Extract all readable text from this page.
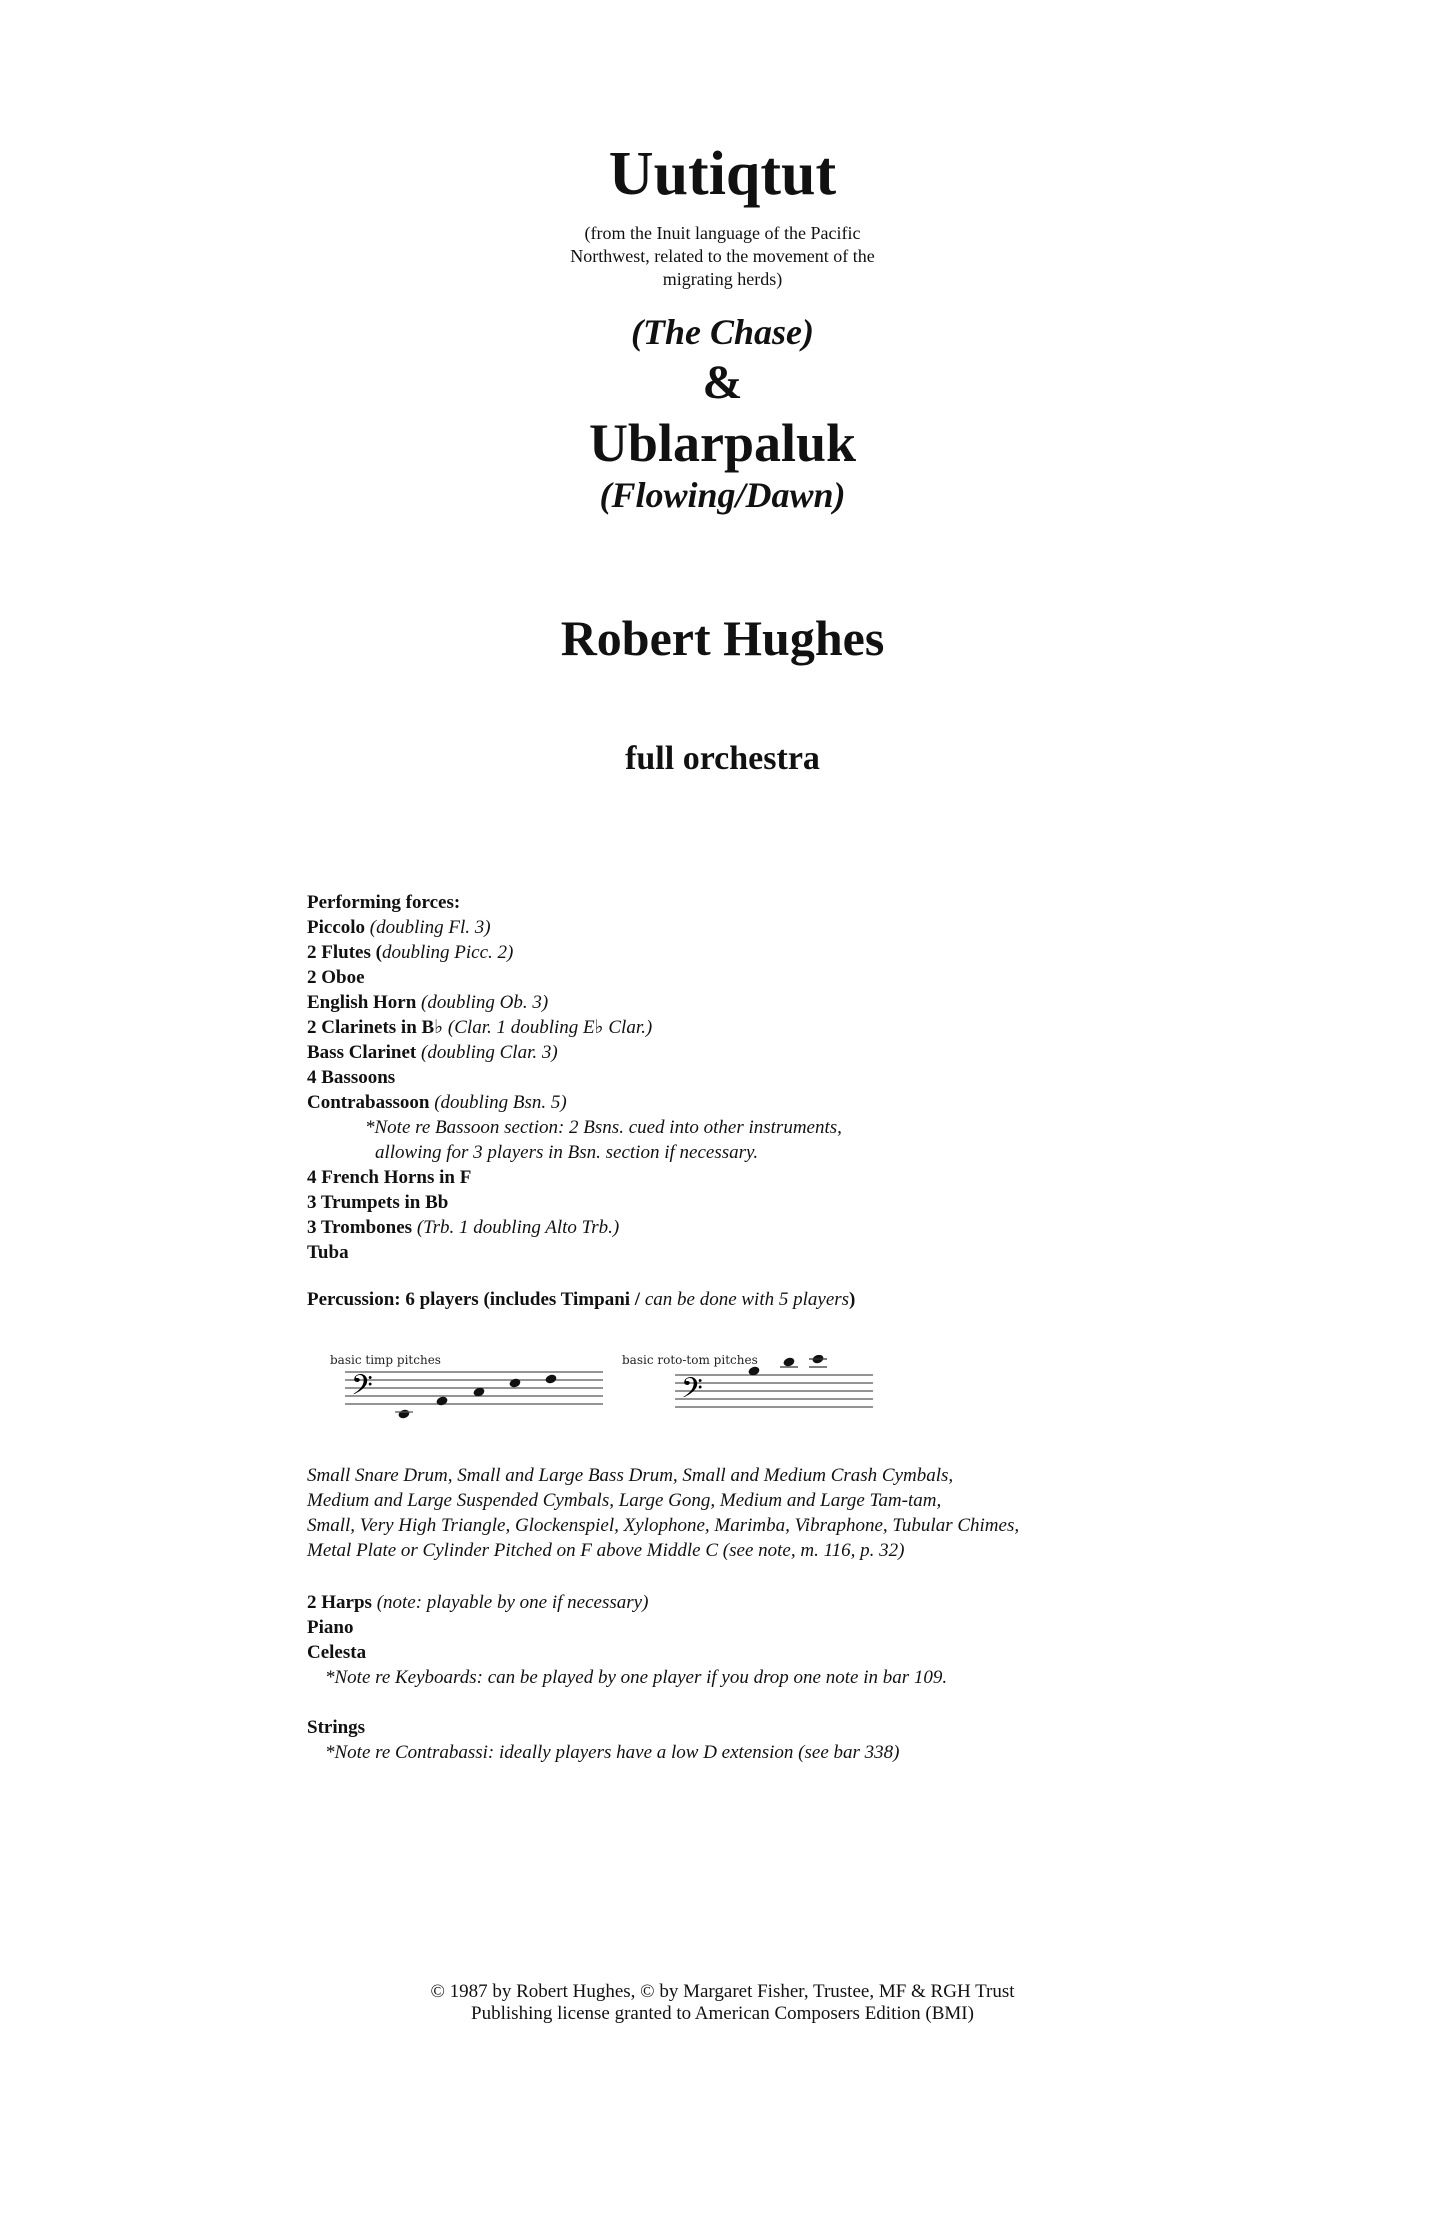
Uutiqtut
(from the Inuit language of the Pacific
Northwest, related to the movement of the
migrating herds)
(The Chase)
&
Ublarpaluk
(Flowing/Dawn)
Robert Hughes
full orchestra
Performing forces:
Piccolo (doubling Fl. 3)
2 Flutes (doubling Picc. 2)
2 Oboe
English Horn (doubling Ob. 3)
2 Clarinets in B♭ (Clar. 1 doubling E♭ Clar.)
Bass Clarinet (doubling Clar. 3)
4 Bassoons
Contrabassoon (doubling Bsn. 5)
*Note re Bassoon section: 2 Bsns. cued into other instruments,
allowing for 3 players in Bsn. section if necessary.
4 French Horns in F
3 Trumpets in Bb
3 Trombones (Trb. 1 doubling Alto Trb.)
Tuba
Percussion: 6 players (includes Timpani / can be done with 5 players)
basic timp pitches
𝄢
basic roto-tom pitches
𝄢
Small Snare Drum, Small and Large Bass Drum, Small and Medium Crash Cymbals,
Medium and Large Suspended Cymbals, Large Gong, Medium and Large Tam-tam,
Small, Very High Triangle, Glockenspiel, Xylophone, Marimba, Vibraphone, Tubular Chimes,
Metal Plate or Cylinder Pitched on F above Middle C (see note, m. 116, p. 32)
2 Harps (note: playable by one if necessary)
Piano
Celesta
*Note re Keyboards: can be played by one player if you drop one note in bar 109.
Strings
*Note re Contrabassi: ideally players have a low D extension (see bar 338)
© 1987 by Robert Hughes, © by Margaret Fisher, Trustee, MF & RGH Trust
Publishing license granted to American Composers Edition (BMI)
